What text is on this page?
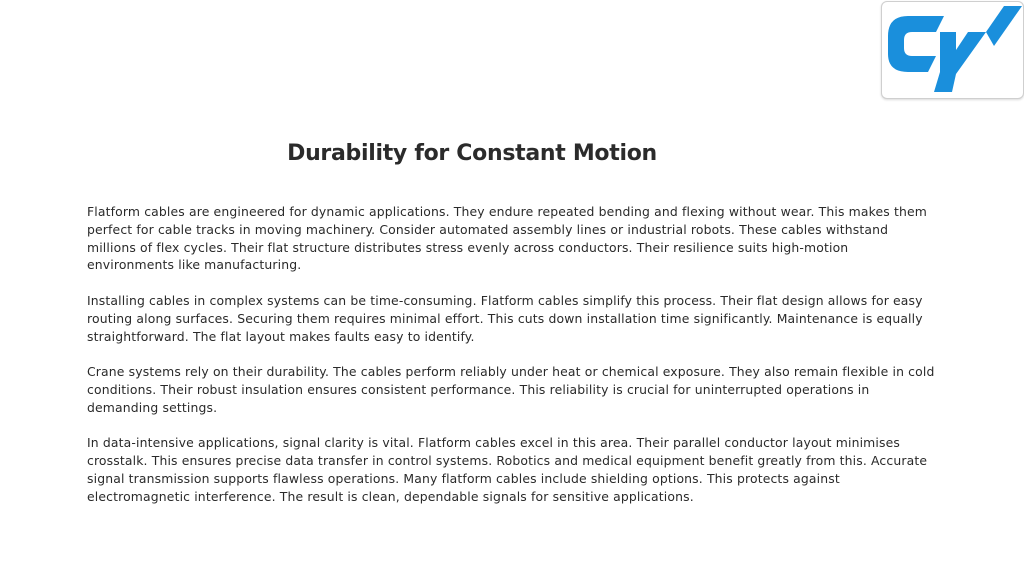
Durability for Constant Motion

Flatform cables are engineered for dynamic applications. They endure repeated bending and flexing without wear. This makes them perfect for cable tracks in moving machinery. Consider automated assembly lines or industrial robots. These cables withstand millions of flex cycles. Their flat structure distributes stress evenly across conductors. Their resilience suits high-motion environments like manufacturing.

Installing cables in complex systems can be time-consuming. Flatform cables simplify this process. Their flat design allows for easy routing along surfaces. Securing them requires minimal effort. This cuts down installation time significantly. Maintenance is equally straightforward. The flat layout makes faults easy to identify.

Crane systems rely on their durability. The cables perform reliably under heat or chemical exposure. They also remain flexible in cold conditions. Their robust insulation ensures consistent performance. This reliability is crucial for uninterrupted operations in demanding settings.

In data-intensive applications, signal clarity is vital. Flatform cables excel in this area. Their parallel conductor layout minimises crosstalk. This ensures precise data transfer in control systems. Robotics and medical equipment benefit greatly from this. Accurate signal transmission supports flawless operations. Many flatform cables include shielding options. This protects against electromagnetic interference. The result is clean, dependable signals for sensitive applications.
